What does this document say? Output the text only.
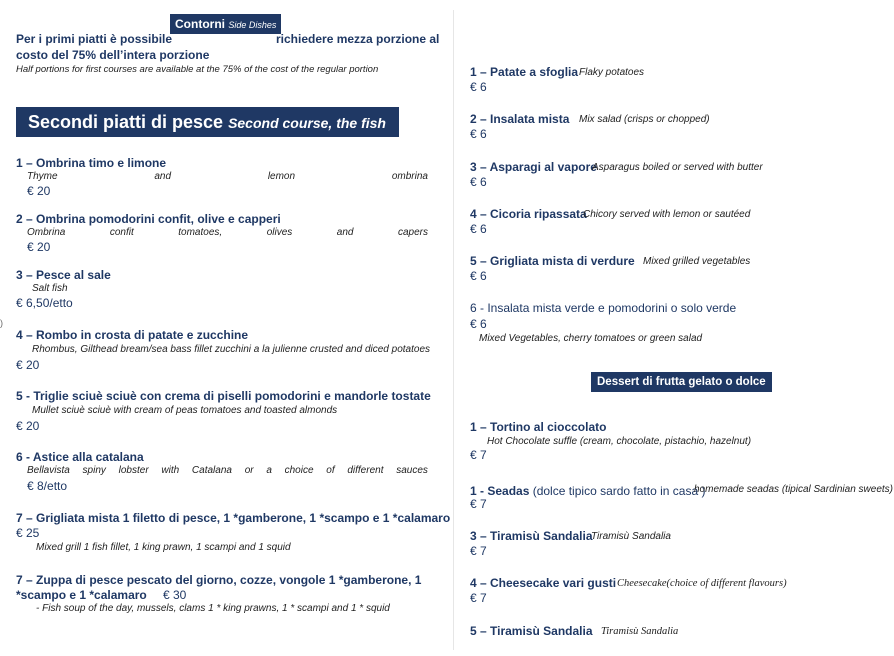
)
Contorni Side Dishes
Per i primi piatti è possibile	richiedere mezza porzione al
costo del 75% dell’intera porzione
Half portions for first courses are available at the 75% of the cost of the regular portion
Secondi piatti di pesce Second course, the fish
1 – Ombrina timo e limone
Thyme	and	lemon	ombrina
€ 20
2 – Ombrina pomodorini confit, olive e capperi
Ombrina	confit	tomatoes,	olives	and	capers
€ 20
3 – Pesce al sale
Salt fish
€ 6,50/etto
4 – Rombo in crosta di patate e zucchine
Rhombus, Gilthead bream/sea bass fillet zucchini a la julienne crusted and diced potatoes
€ 20
5 - Triglie sciuè sciuè con crema di piselli pomodorini e mandorle tostate
Mullet sciuè sciuè with cream of peas tomatoes and toasted almonds
€ 20
6 - Astice alla catalana
Bellavista spiny lobster with Catalana or a choice of different sauces
€ 8/etto
7 – Grigliata mista 1 filetto di pesce, 1 *gamberone, 1 *scampo e 1 *calamaro
€ 25
Mixed grill 1 fish fillet, 1 king prawn, 1 scampi and 1 squid
7 – Zuppa di pesce pescato del giorno, cozze, vongole 1 *gamberone, 1
*scampo e 1 *calamaro € 30
- Fish soup of the day, mussels, clams 1 * king prawns, 1 * scampi and 1 * squid
1 – Patate a sfoglia Flaky potatoes
€ 6
2 – Insalata mista Mix salad (crisps or chopped)
€ 6
3 – Asparagi al vapore
Asparagus boiled or served with butter
€ 6
4 – Cicoria ripassata
Chicory served with lemon or sautéed
€ 6
5 – Grigliata mista di verdure Mixed grilled vegetables
€ 6
6 - Insalata mista verde e pomodorini o solo verde
€ 6
Mixed Vegetables, cherry tomatoes or green salad
Dessert di frutta gelato o dolce
1 – Tortino al cioccolato
Hot Chocolate suffle (cream, chocolate, pistachio, hazelnut)
€ 7
1 - Seadas (dolce tipico sardo fatto in casa )
homemade seadas (tipical Sardinian sweets)
€ 7
3 – Tiramisù Sandalia
Tiramisù Sandalia
€ 7
4 – Cheesecake vari gusti Cheesecake(choice of different flavours)
€ 7
5 – Tiramisù Sandalia Tiramisù Sandalia
